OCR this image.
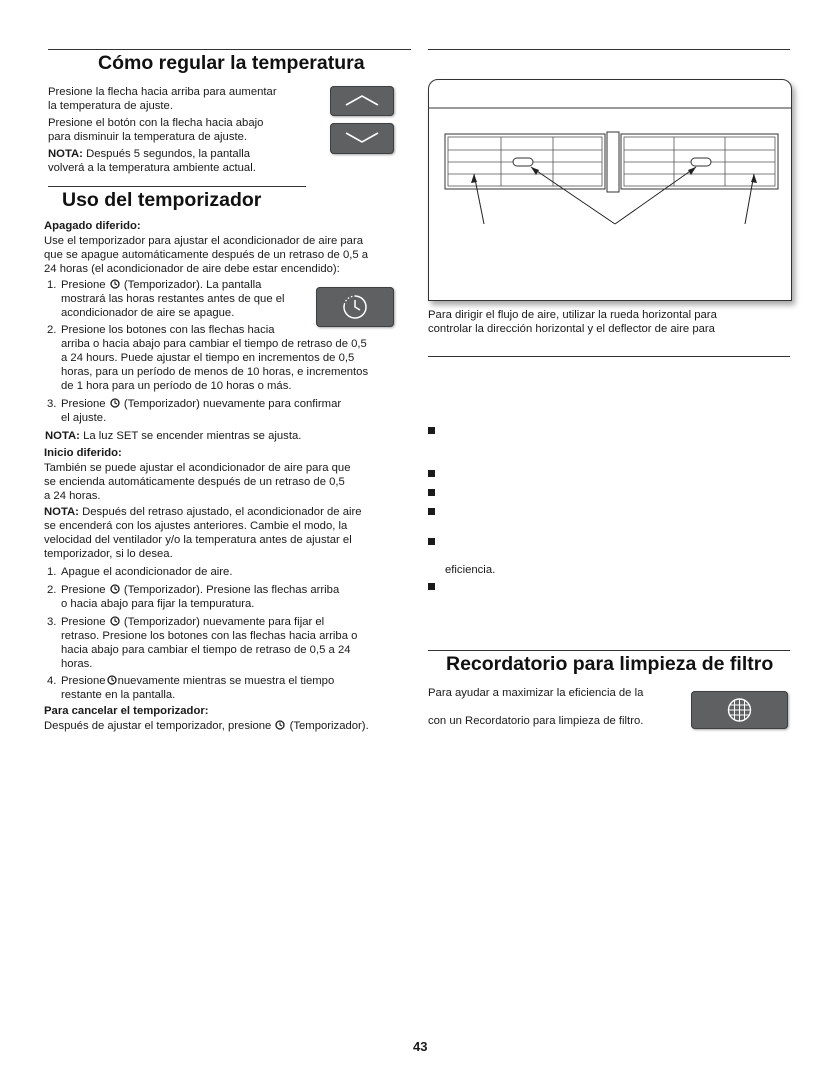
Cómo regular la temperatura
Presione la flecha hacia arriba para aumentar
la temperatura de ajuste.
Presione el botón con la flecha hacia abajo
para disminuir la temperatura de ajuste.
NOTA: Después 5 segundos, la pantalla
volverá a la temperatura ambiente actual.
Uso del temporizador
Apagado diferido:
Use el temporizador para ajustar el acondicionador de aire para
que se apague automáticamente después de un retraso de 0,5 a
24 horas (el acondicionador de aire debe estar encendido):
1. Presione (Temporizador). La pantalla
mostrará las horas restantes antes de que el
acondicionador de aire se apague.
2. Presione los botones con las flechas hacia
arriba o hacia abajo para cambiar el tiempo de retraso de 0,5
a 24 hours. Puede ajustar el tiempo en incrementos de 0,5
horas, para un período de menos de 10 horas, e incrementos
de 1 hora para un período de 10 horas o más.
3. Presione (Temporizador) nuevamente para confirmar
el ajuste.
NOTA: La luz SET se encender mientras se ajusta.
Inicio diferido:
También se puede ajustar el acondicionador de aire para que
se encienda automáticamente después de un retraso de 0,5
a 24 horas.
NOTA: Después del retraso ajustado, el acondicionador de aire
se encenderá con los ajustes anteriores. Cambie el modo, la
velocidad del ventilador y/o la temperatura antes de ajustar el
temporizador, si lo desea.
1. Apague el acondicionador de aire.
2. Presione (Temporizador). Presione las flechas arriba
o hacia abajo para fijar la tempuratura.
3. Presione (Temporizador) nuevamente para fijar el
retraso. Presione los botones con las flechas hacia arriba o
hacia abajo para cambiar el tiempo de retraso de 0,5 a 24
horas.
4. Presione nuevamente mientras se muestra el tiempo
restante en la pantalla.
Para cancelar el temporizador:
Después de ajustar el temporizador, presione (Temporizador).
Para dirigir el flujo de aire, utilizar la rueda horizontal para
controlar la dirección horizontal y el deflector de aire para
eficiencia.
Recordatorio para limpieza de filtro
Para ayudar a maximizar la eficiencia de la
con un Recordatorio para limpieza de filtro.
43
